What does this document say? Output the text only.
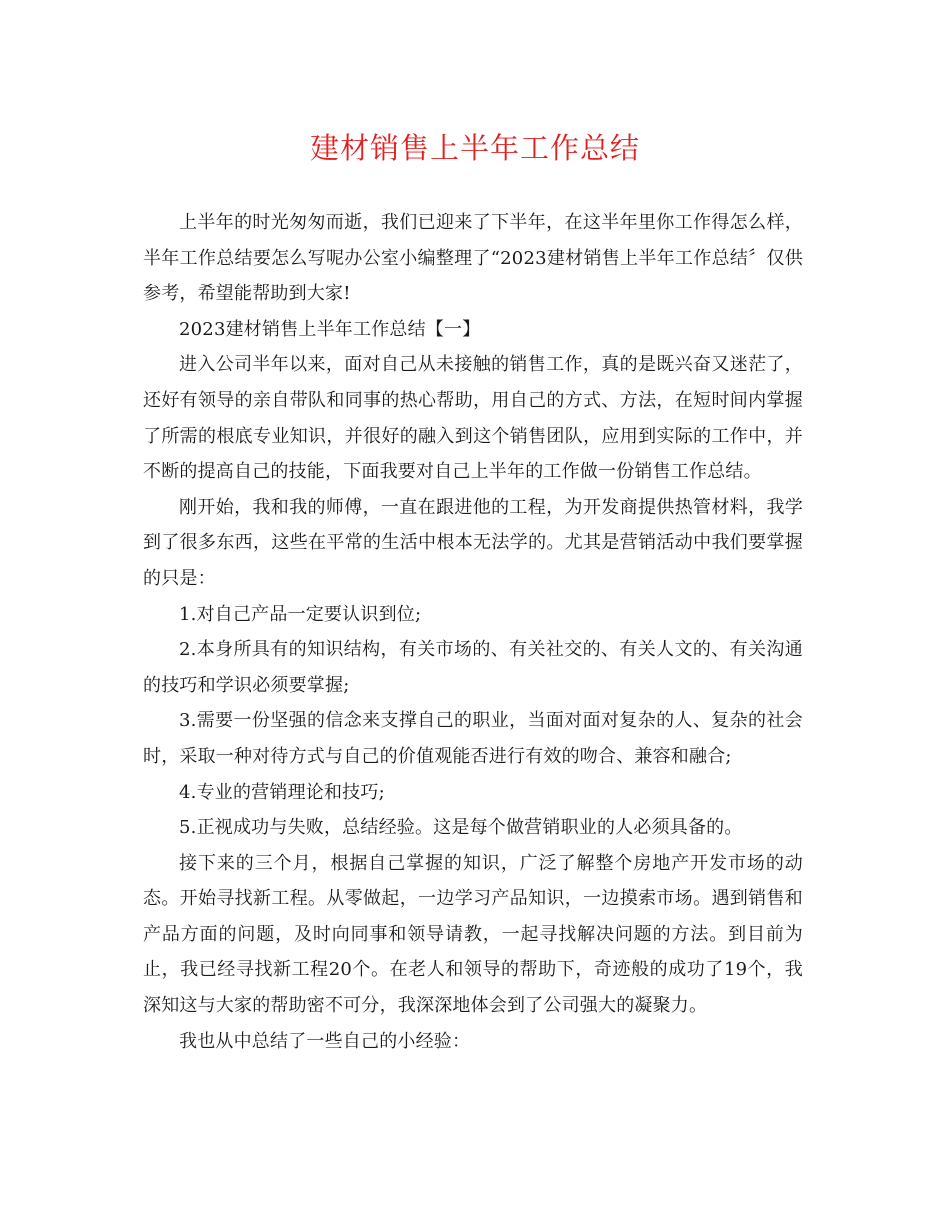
建材销售上半年工作总结

上半年的时光匆匆而逝，我们已迎来了下半年，在这半年里你工作得怎么样，半年工作总结要怎么写呢办公室小编整理了“2023建材销售上半年工作总结〞仅供参考，希望能帮助到大家!

2023建材销售上半年工作总结【一】

进入公司半年以来，面对自己从未接触的销售工作，真的是既兴奋又迷茫了，还好有领导的亲自带队和同事的热心帮助，用自己的方式、方法，在短时间内掌握了所需的根底专业知识，并很好的融入到这个销售团队，应用到实际的工作中，并不断的提高自己的技能，下面我要对自己上半年的工作做一份销售工作总结。

刚开始，我和我的师傅，一直在跟进他的工程，为开发商提供热管材料，我学到了很多东西，这些在平常的生活中根本无法学的。尤其是营销活动中我们要掌握的只是：

1.对自己产品一定要认识到位;

2.本身所具有的知识结构，有关市场的、有关社交的、有关人文的、有关沟通的技巧和学识必须要掌握;

3.需要一份坚强的信念来支撑自己的职业，当面对面对复杂的人、复杂的社会时，采取一种对待方式与自己的价值观能否进行有效的吻合、兼容和融合;

4.专业的营销理论和技巧;

5.正视成功与失败，总结经验。这是每个做营销职业的人必须具备的。

接下来的三个月，根据自己掌握的知识，广泛了解整个房地产开发市场的动态。开始寻找新工程。从零做起，一边学习产品知识，一边摸索市场。遇到销售和产品方面的问题，及时向同事和领导请教，一起寻找解决问题的方法。到目前为止，我已经寻找新工程20个。在老人和领导的帮助下，奇迹般的成功了19个，我深知这与大家的帮助密不可分，我深深地体会到了公司强大的凝聚力。

我也从中总结了一些自己的小经验：
